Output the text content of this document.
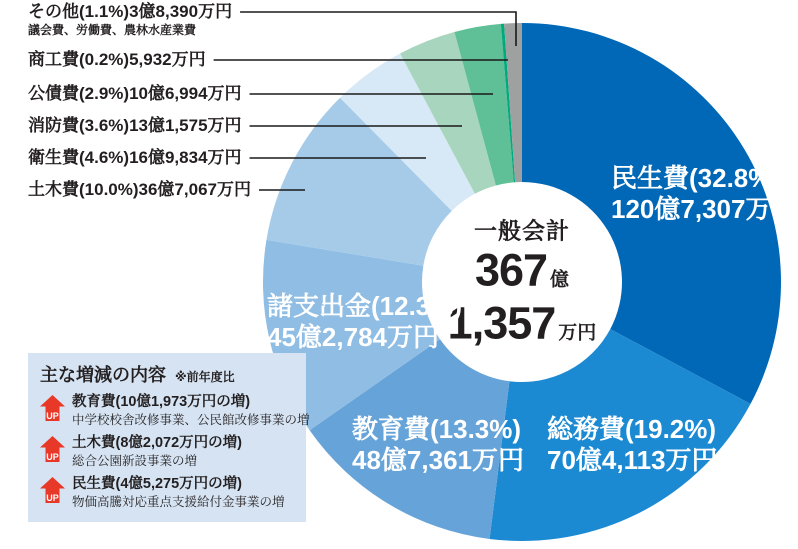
一般会計
367 億
1,357 万円
その他(1.1%)3億8,390万円
議会費、労働費、農林水産業費
商工費(0.2%)5,932万円
公債費(2.9%)10億6,994万円
消防費(3.6%)13億1,575万円
衛生費(4.6%)16億9,834万円
土木費(10.0%)36億7,067万円	民生費(32.8%)
120億7,307万円
総務費(19.2%)
70億4,113万円
教育費(13.3%)
48億7,361万円
諸支出金(12.3%)
45億2,784万円
主な増減の内容 ※前年度比
UP
教育費(10億1,973万円の増)
中学校校舎改修事業、公民館改修事業の増
UP
土木費(8億2,072万円の増)
総合公園新設事業の増
UP
民生費(4億5,275万円の増)
物価高騰対応重点支援給付金事業の増
